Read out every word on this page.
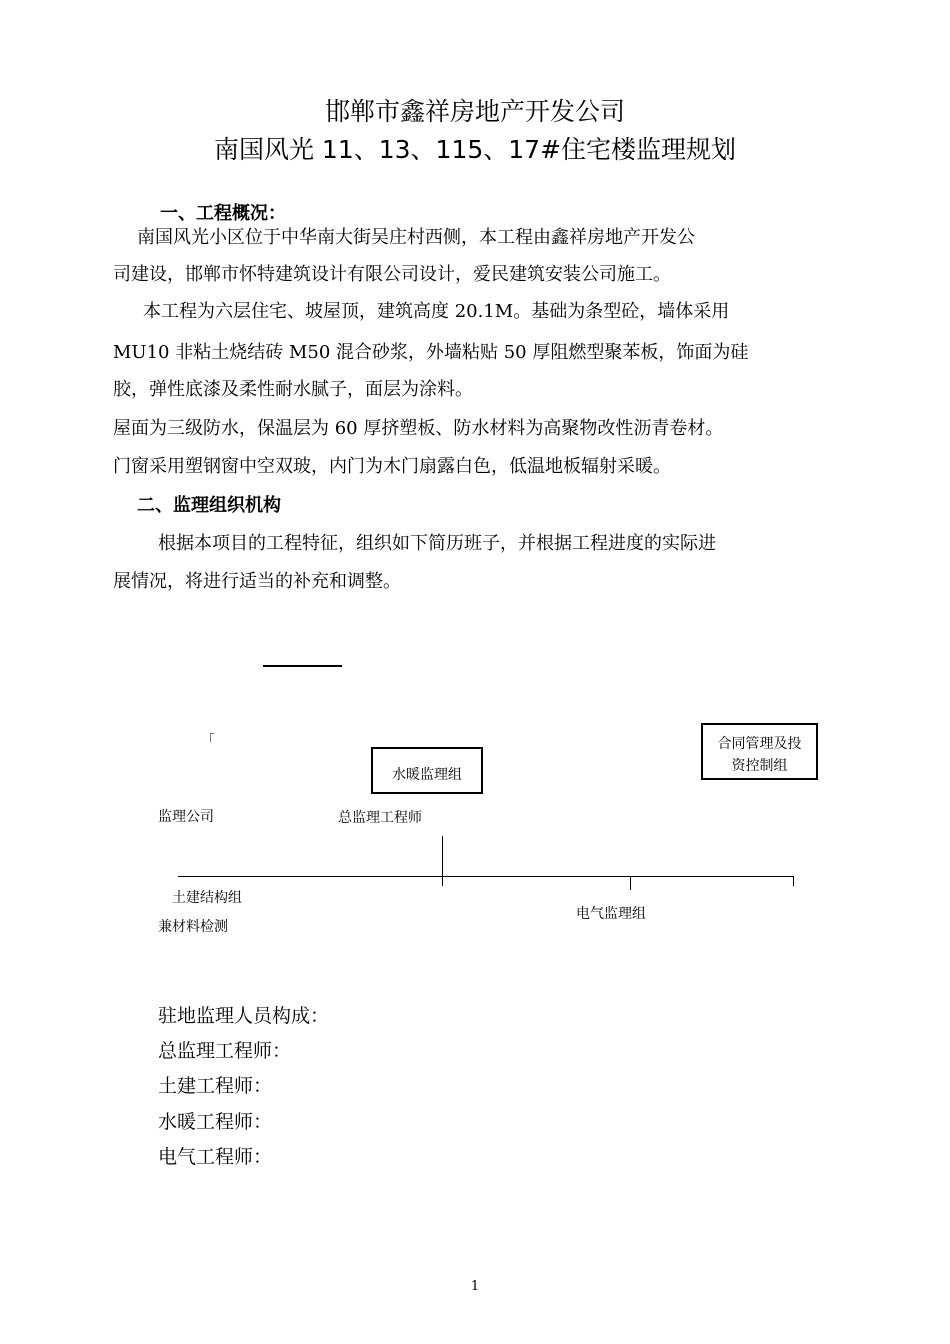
邯郸市鑫祥房地产开发公司
南国风光 11、13、115、17#住宅楼监理规划
一、工程概况：
南国风光小区位于中华南大街吴庄村西侧，本工程由鑫祥房地产开发公
司建设，邯郸市怀特建筑设计有限公司设计，爱民建筑安装公司施工。
本工程为六层住宅、坡屋顶，建筑高度 20.1M。基础为条型砼，墙体采用
MU10 非粘土烧结砖 M50 混合砂浆，外墙粘贴 50 厚阻燃型聚苯板，饰面为硅
胶，弹性底漆及柔性耐水腻子，面层为涂料。
屋面为三级防水，保温层为 60 厚挤塑板、防水材料为高聚物改性沥青卷材。
门窗采用塑钢窗中空双玻，内门为木门扇露白色，低温地板辐射采暖。
二、监理组织机构
根据本项目的工程特征，组织如下简历班子，并根据工程进度的实际进
展情况，将进行适当的补充和调整。
「
水暖监理组
合同管理及投
资控制组
监理公司	总监理工程师
土建结构组
兼材料检测
电气监理组
驻地监理人员构成：
总监理工程师：
土建工程师：
水暖工程师：
电气工程师：
1
